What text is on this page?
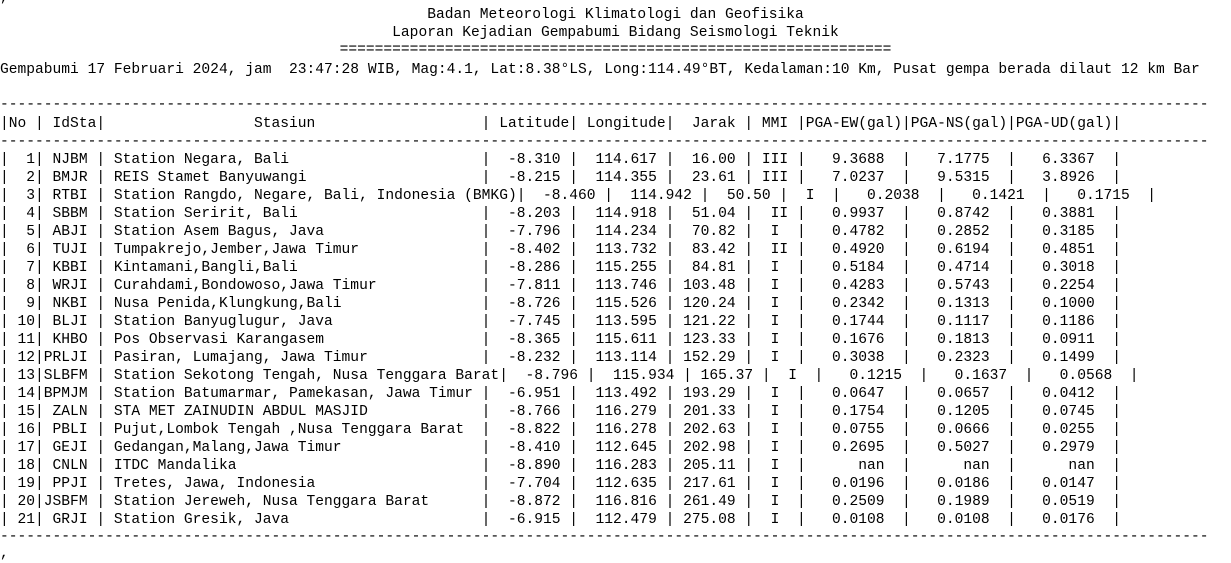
Badan Meteorologi Klimatologi dan Geofisika
Laporan Kejadian Gempabumi Bidang Seismologi Teknik
===============================================================
Gempabumi 17 Februari 2024, jam  23:47:28 WIB, Mag:4.1, Lat:8.38°LS, Long:114.49°BT, Kedalaman:10 Km, Pusat gempa berada dilaut 12 km Bar
------------------------------------------------------------------------------------------------------------------------------------------
|No | IdSta|                 Stasiun                   | Latitude| Longitude|  Jarak | MMI |PGA-EW(gal)|PGA-NS(gal)|PGA-UD(gal)|
------------------------------------------------------------------------------------------------------------------------------------------
|  1| NJBM | Station Negara, Bali                      |  -8.310 |  114.617 |  16.00 | III |   9.3688  |   7.1775  |   6.3367  |
|  2| BMJR | REIS Stamet Banyuwangi                    |  -8.215 |  114.355 |  23.61 | III |   7.0237  |   9.5315  |   3.8926  |
|  3| RTBI | Station Rangdo, Negare, Bali, Indonesia (BMKG)|  -8.460 |  114.942 |  50.50 |  I  |   0.2038  |   0.1421  |   0.1715  |
|  4| SBBM | Station Seririt, Bali                     |  -8.203 |  114.918 |  51.04 |  II |   0.9937  |   0.8742  |   0.3881  |
|  5| ABJI | Station Asem Bagus, Java                  |  -7.796 |  114.234 |  70.82 |  I  |   0.4782  |   0.2852  |   0.3185  |
|  6| TUJI | Tumpakrejo,Jember,Jawa Timur              |  -8.402 |  113.732 |  83.42 |  II |   0.4920  |   0.6194  |   0.4851  |
|  7| KBBI | Kintamani,Bangli,Bali                     |  -8.286 |  115.255 |  84.81 |  I  |   0.5184  |   0.4714  |   0.3018  |
|  8| WRJI | Curahdami,Bondowoso,Jawa Timur            |  -7.811 |  113.746 | 103.48 |  I  |   0.4283  |   0.5743  |   0.2254  |
|  9| NKBI | Nusa Penida,Klungkung,Bali                |  -8.726 |  115.526 | 120.24 |  I  |   0.2342  |   0.1313  |   0.1000  |
| 10| BLJI | Station Banyuglugur, Java                 |  -7.745 |  113.595 | 121.22 |  I  |   0.1744  |   0.1117  |   0.1186  |
| 11| KHBO | Pos Observasi Karangasem                  |  -8.365 |  115.611 | 123.33 |  I  |   0.1676  |   0.1813  |   0.0911  |
| 12|PRLJI | Pasiran, Lumajang, Jawa Timur             |  -8.232 |  113.114 | 152.29 |  I  |   0.3038  |   0.2323  |   0.1499  |
| 13|SLBFM | Station Sekotong Tengah, Nusa Tenggara Barat|  -8.796 |  115.934 | 165.37 |  I  |   0.1215  |   0.1637  |   0.0568  |
| 14|BPMJM | Station Batumarmar, Pamekasan, Jawa Timur |  -6.951 |  113.492 | 193.29 |  I  |   0.0647  |   0.0657  |   0.0412  |
| 15| ZALN | STA MET ZAINUDIN ABDUL MASJID             |  -8.766 |  116.279 | 201.33 |  I  |   0.1754  |   0.1205  |   0.0745  |
| 16| PBLI | Pujut,Lombok Tengah ,Nusa Tenggara Barat  |  -8.822 |  116.278 | 202.63 |  I  |   0.0755  |   0.0666  |   0.0255  |
| 17| GEJI | Gedangan,Malang,Jawa Timur                |  -8.410 |  112.645 | 202.98 |  I  |   0.2695  |   0.5027  |   0.2979  |
| 18| CNLN | ITDC Mandalika                            |  -8.890 |  116.283 | 205.11 |  I  |      nan  |      nan  |      nan  |
| 19| PPJI | Tretes, Jawa, Indonesia                   |  -7.704 |  112.635 | 217.61 |  I  |   0.0196  |   0.0186  |   0.0147  |
| 20|JSBFM | Station Jereweh, Nusa Tenggara Barat      |  -8.872 |  116.816 | 261.49 |  I  |   0.2509  |   0.1989  |   0.0519  |
| 21| GRJI | Station Gresik, Java                      |  -6.915 |  112.479 | 275.08 |  I  |   0.0108  |   0.0108  |   0.0176  |
------------------------------------------------------------------------------------------------------------------------------------------
,
